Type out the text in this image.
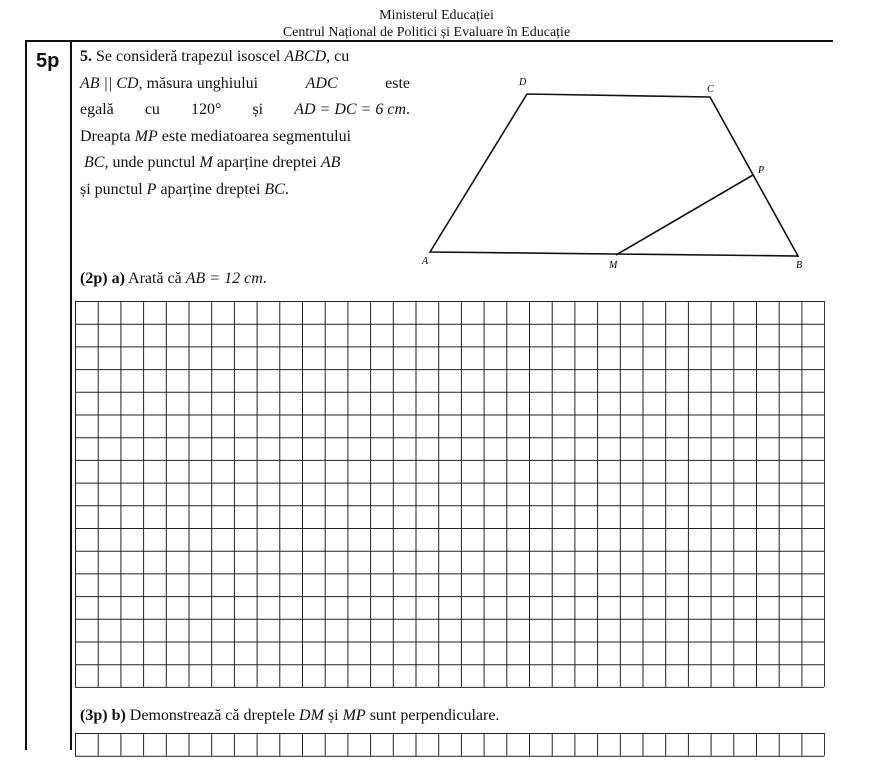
Ministerul Educației
Centrul Național de Politici și Evaluare în Educație
5p 5. Se consideră trapezul isoscel ABCD, cu

AB || CD, măsura unghiului	ADC	este

egală cu 120° și AD = DC = 6 cm.

Dreapta MP este mediatoarea segmentului

BC, unde punctul M aparține dreptei AB

și punctul P aparține dreptei BC.

A	B
C
D
M
P
(2p) a) Arată că AB = 12 cm.
(3p) b) Demonstrează că dreptele DM și MP sunt perpendiculare.
